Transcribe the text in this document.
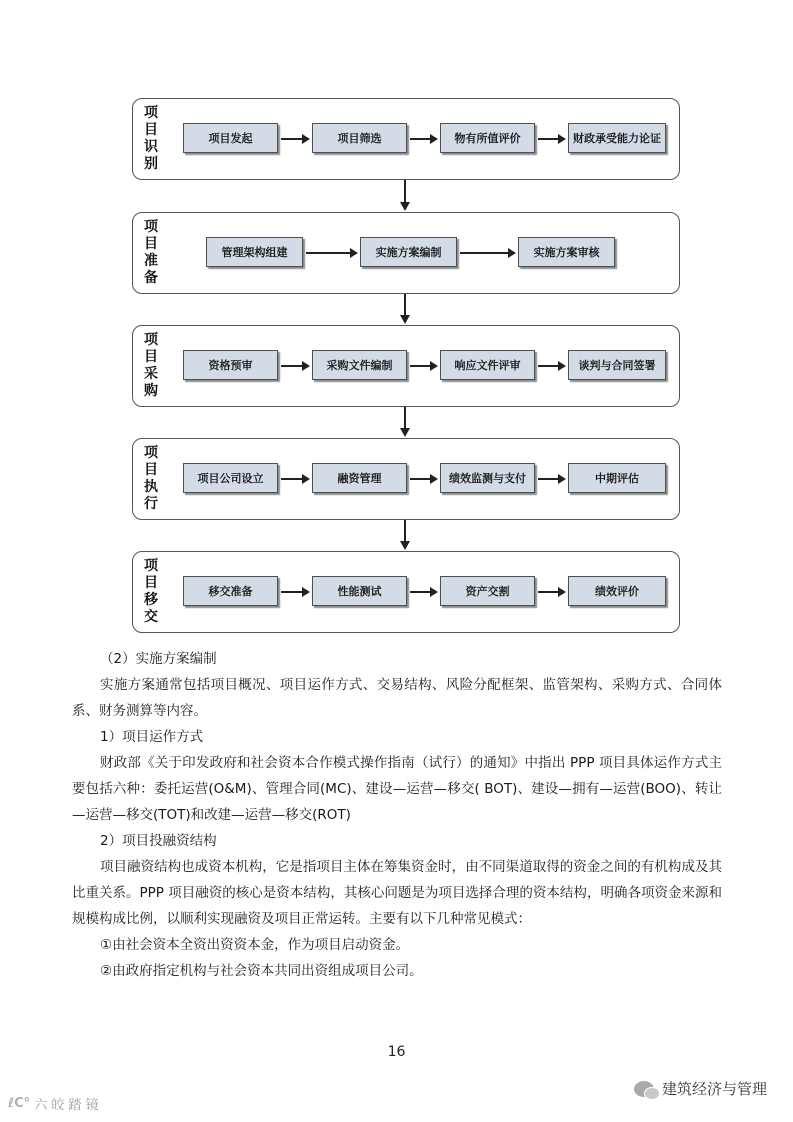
项目识别
项目发起	项目筛选	物有所值评价	财政承受能力论证
项目准备
管理架构组建	实施方案编制	实施方案审核
项目采购
资格预审	采购文件编制	响应文件评审	谈判与合同签署
项目执行
项目公司设立	融资管理	绩效监测与支付	中期评估
项目移交
移交准备	性能测试	资产交割	绩效评价

（2）实施方案编制

实施方案通常包括项目概况、项目运作方式、交易结构、风险分配框架、监管架构、采购方式、合同体系、财务测算等内容。

1）项目运作方式

财政部《关于印发政府和社会资本合作模式操作指南（试行）的通知》中指出 PPP 项目具体运作方式主要包括六种：委托运营(O&M)、管理合同(MC)、建设—运营—移交( BOT)、建设—拥有—运营(BOO)、转让—运营—移交(TOT)和改建—运营—移交(ROT)

2）项目投融资结构

项目融资结构也成资本机构，它是指项目主体在筹集资金时，由不同渠道取得的资金之间的有机构成及其比重关系。PPP 项目融资的核心是资本结构，其核心问题是为项目选择合理的资本结构，明确各项资金来源和规模构成比例，以顺利实现融资及项目正常运转。主要有以下几种常见模式：

①由社会资本全资出资资本金，作为项目启动资金。

②由政府指定机构与社会资本共同出资组成项目公司。

16
ℓC° 六 皎 踏 镜
建筑经济与管理
